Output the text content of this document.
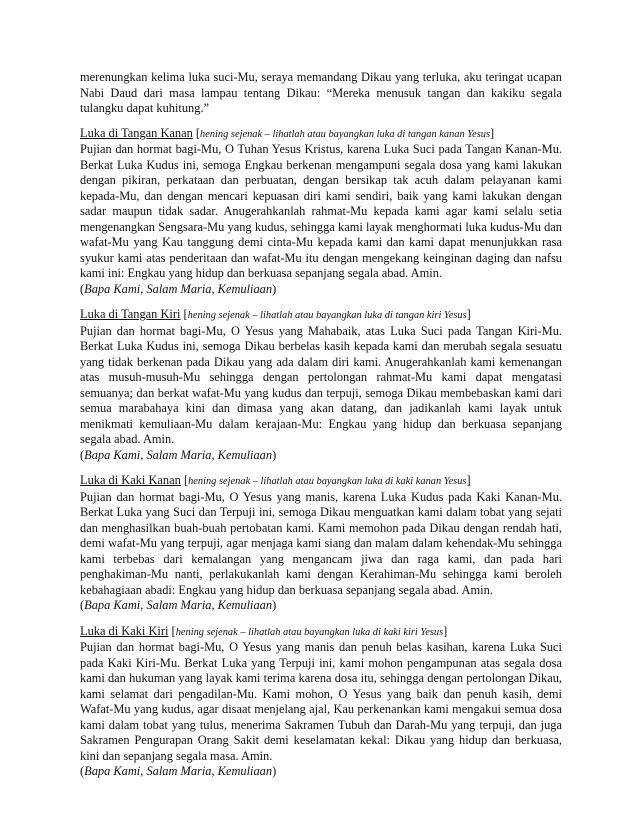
merenungkan kelima luka suci-Mu, seraya memandang Dikau yang terluka, aku teringat ucapan Nabi Daud dari masa lampau tentang Dikau: “Mereka menusuk tangan dan kakiku segala tulangku dapat kuhitung.”

Luka di Tangan Kanan [hening sejenak – lihatlah atau bayangkan luka di tangan kanan Yesus]

Pujian dan hormat bagi-Mu, O Tuhan Yesus Kristus, karena Luka Suci pada Tangan Kanan-Mu. Berkat Luka Kudus ini, semoga Engkau berkenan mengampuni segala dosa yang kami lakukan dengan pikiran, perkataan dan perbuatan, dengan bersikap tak acuh dalam pelayanan kami kepada-Mu, dan dengan mencari kepuasan diri kami sendiri, baik yang kami lakukan dengan sadar maupun tidak sadar. Anugerahkanlah rahmat-Mu kepada kami agar kami selalu setia mengenangkan Sengsara-Mu yang kudus, sehingga kami layak menghormati luka kudus-Mu dan wafat-Mu yang Kau tanggung demi cinta-Mu kepada kami dan kami dapat menunjukkan rasa syukur kami atas penderitaan dan wafat-Mu itu dengan mengekang keinginan daging dan nafsu kami ini: Engkau yang hidup dan berkuasa sepanjang segala abad. Amin.

(Bapa Kami, Salam Maria, Kemuliaan)

Luka di Tangan Kiri [hening sejenak – lihatlah atau bayangkan luka di tangan kiri Yesus]

Pujian dan hormat bagi-Mu, O Yesus yang Mahabaik, atas Luka Suci pada Tangan Kiri-Mu. Berkat Luka Kudus ini, semoga Dikau berbelas kasih kepada kami dan merubah segala sesuatu yang tidak berkenan pada Dikau yang ada dalam diri kami. Anugerahkanlah kami kemenangan atas musuh-musuh-Mu sehingga dengan pertolongan rahmat-Mu kami dapat mengatasi semuanya; dan berkat wafat-Mu yang kudus dan terpuji, semoga Dikau membebaskan kami dari semua marabahaya kini dan dimasa yang akan datang, dan jadikanlah kami layak untuk menikmati kemuliaan-Mu dalam kerajaan-Mu: Engkau yang hidup dan berkuasa sepanjang segala abad. Amin.

(Bapa Kami, Salam Maria, Kemuliaan)

Luka di Kaki Kanan [hening sejenak – lihatlah atau bayangkan luka di kaki kanan Yesus]

Pujian dan hormat bagi-Mu, O Yesus yang manis, karena Luka Kudus pada Kaki Kanan-Mu. Berkat Luka yang Suci dan Terpuji ini, semoga Dikau menguatkan kami dalam tobat yang sejati dan menghasilkan buah-buah pertobatan kami. Kami memohon pada Dikau dengan rendah hati, demi wafat-Mu yang terpuji, agar menjaga kami siang dan malam dalam kehendak-Mu sehingga kami terbebas dari kemalangan yang mengancam jiwa dan raga kami, dan pada hari penghakiman-Mu nanti, perlakukanlah kami dengan Kerahiman-Mu sehingga kami beroleh kebahagiaan abadi: Engkau yang hidup dan berkuasa sepanjang segala abad. Amin.

(Bapa Kami, Salam Maria, Kemuliaan)

Luka di Kaki Kiri [hening sejenak – lihatlah atau bayangkan luka di kaki kiri Yesus]

Pujian dan hormat bagi-Mu, O Yesus yang manis dan penuh belas kasihan, karena Luka Suci pada Kaki Kiri-Mu. Berkat Luka yang Terpuji ini, kami mohon pengampunan atas segala dosa kami dan hukuman yang layak kami terima karena dosa itu, sehingga dengan pertolongan Dikau, kami selamat dari pengadilan-Mu. Kami mohon, O Yesus yang baik dan penuh kasih, demi Wafat-Mu yang kudus, agar disaat menjelang ajal, Kau perkenankan kami mengakui semua dosa kami dalam tobat yang tulus, menerima Sakramen Tubuh dan Darah-Mu yang terpuji, dan juga Sakramen Pengurapan Orang Sakit demi keselamatan kekal: Dikau yang hidup dan berkuasa, kini dan sepanjang segala masa. Amin.

(Bapa Kami, Salam Maria, Kemuliaan)
